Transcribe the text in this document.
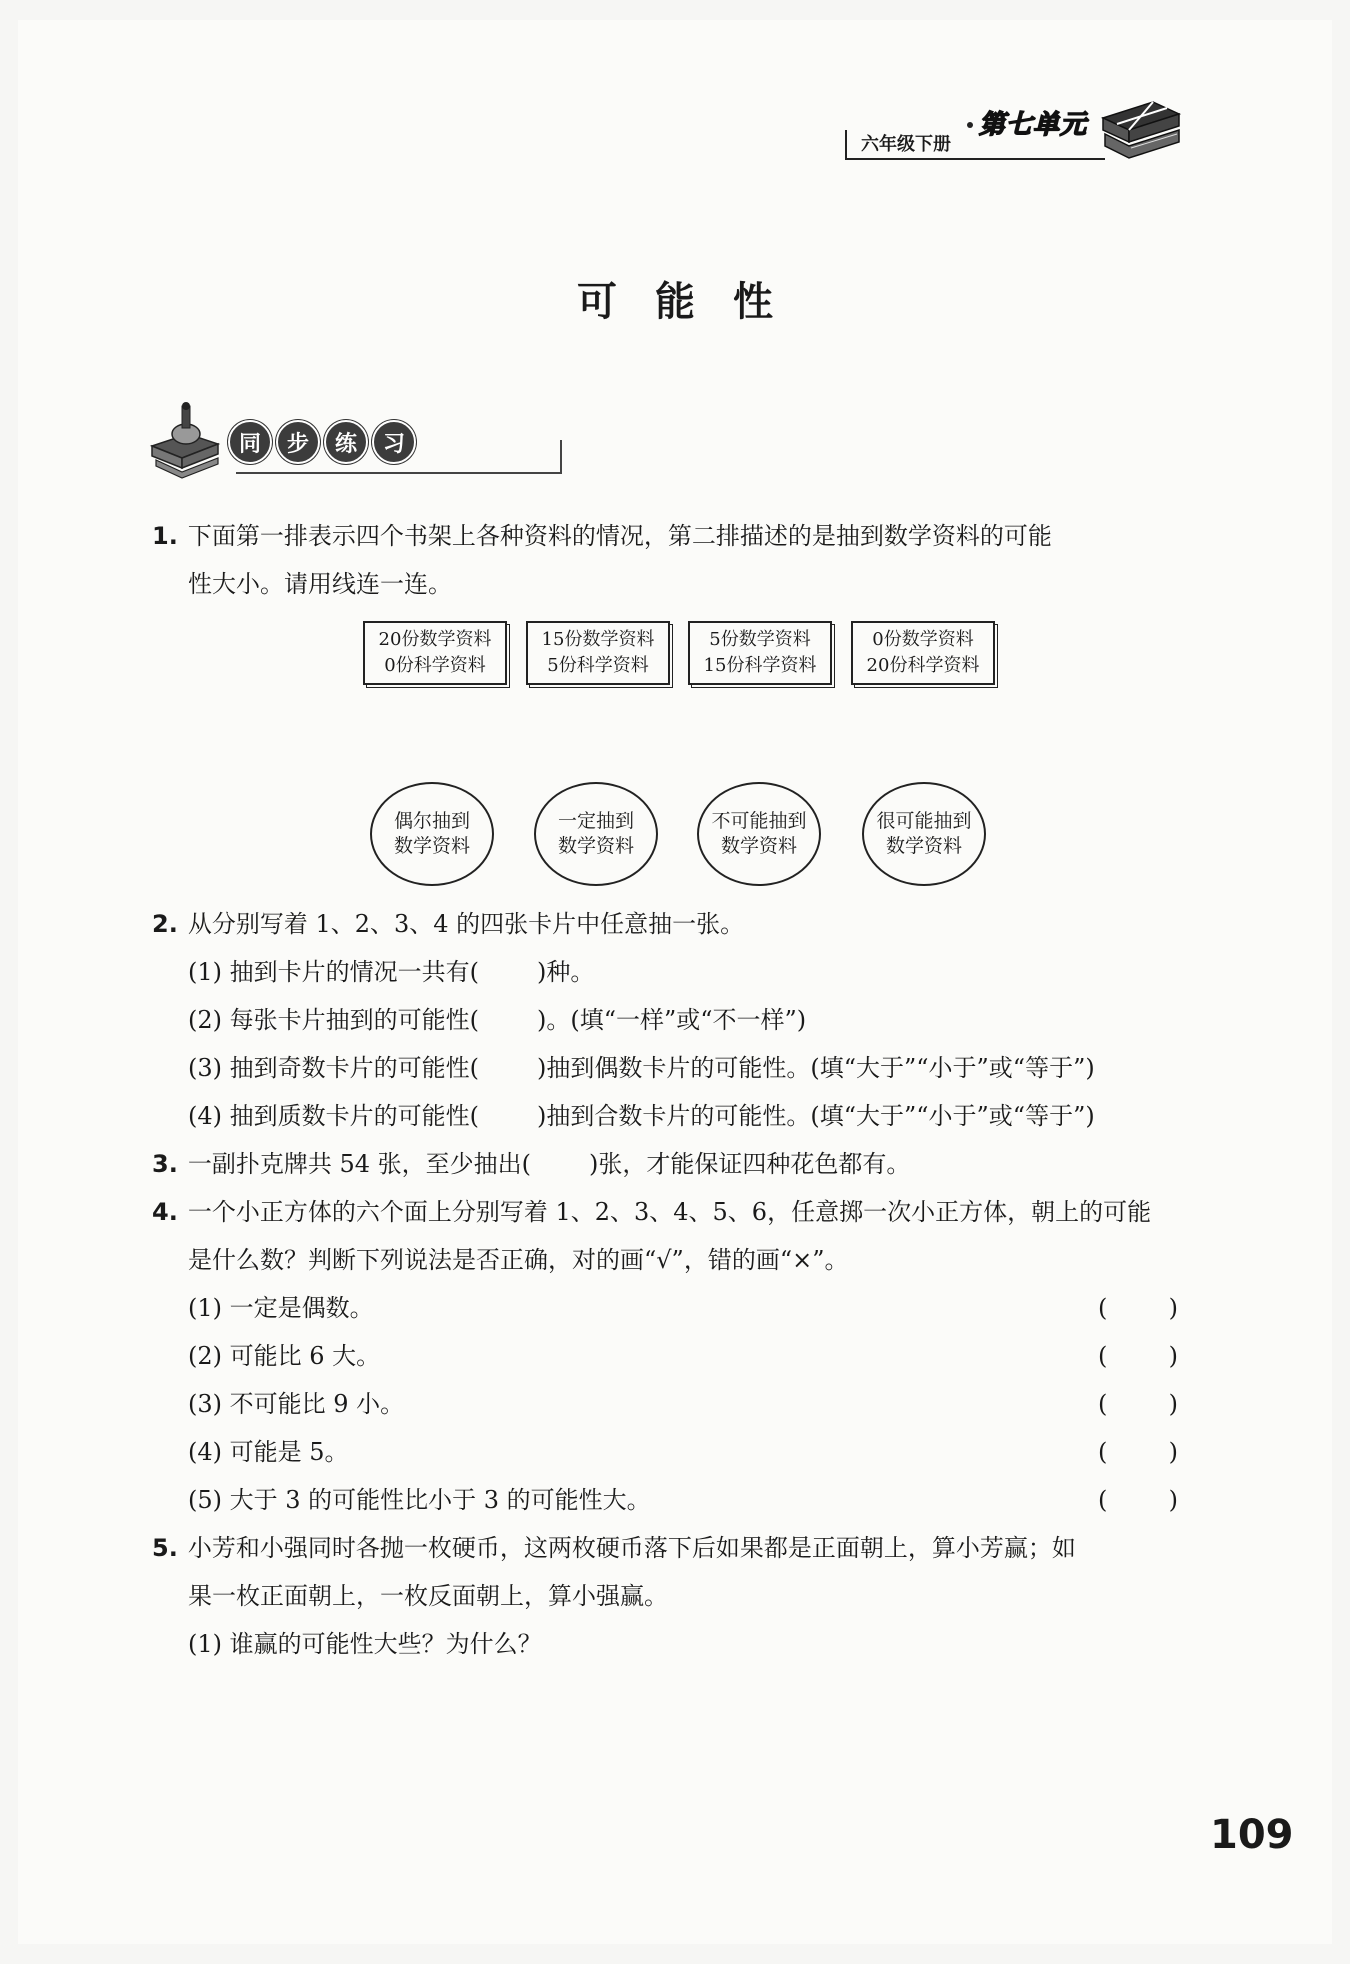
六年级下册
第七单元
可能性
同	步	练	习
1. 下面第一排表示四个书架上各种资料的情况，第二排描述的是抽到数学资料的可能
性大小。请用线连一连。
20份数学资料
0份科学资料
15份数学资料
5份科学资料
5份数学资料
15份科学资料
0份数学资料
20份科学资料
偶尔抽到
数学资料
一定抽到
数学资料
不可能抽到
数学资料
很可能抽到
数学资料
2. 从分别写着 1、2、3、4 的四张卡片中任意抽一张。
(1) 抽到卡片的情况一共有( )种。
(2) 每张卡片抽到的可能性( )。(填“一样”或“不一样”)
(3) 抽到奇数卡片的可能性( )抽到偶数卡片的可能性。(填“大于”“小于”或“等于”)
(4) 抽到质数卡片的可能性( )抽到合数卡片的可能性。(填“大于”“小于”或“等于”)
3. 一副扑克牌共 54 张，至少抽出( )张，才能保证四种花色都有。
4. 一个小正方体的六个面上分别写着 1、2、3、4、5、6，任意掷一次小正方体，朝上的可能
是什么数？判断下列说法是否正确，对的画“√”，错的画“×”。
(1) 一定是偶数。	(	)
(2) 可能比 6 大。	(	)
(3) 不可能比 9 小。	(	)
(4) 可能是 5。	(	)
(5) 大于 3 的可能性比小于 3 的可能性大。	(	)
5. 小芳和小强同时各抛一枚硬币，这两枚硬币落下后如果都是正面朝上，算小芳赢；如
果一枚正面朝上，一枚反面朝上，算小强赢。
(1) 谁赢的可能性大些？为什么？
109
